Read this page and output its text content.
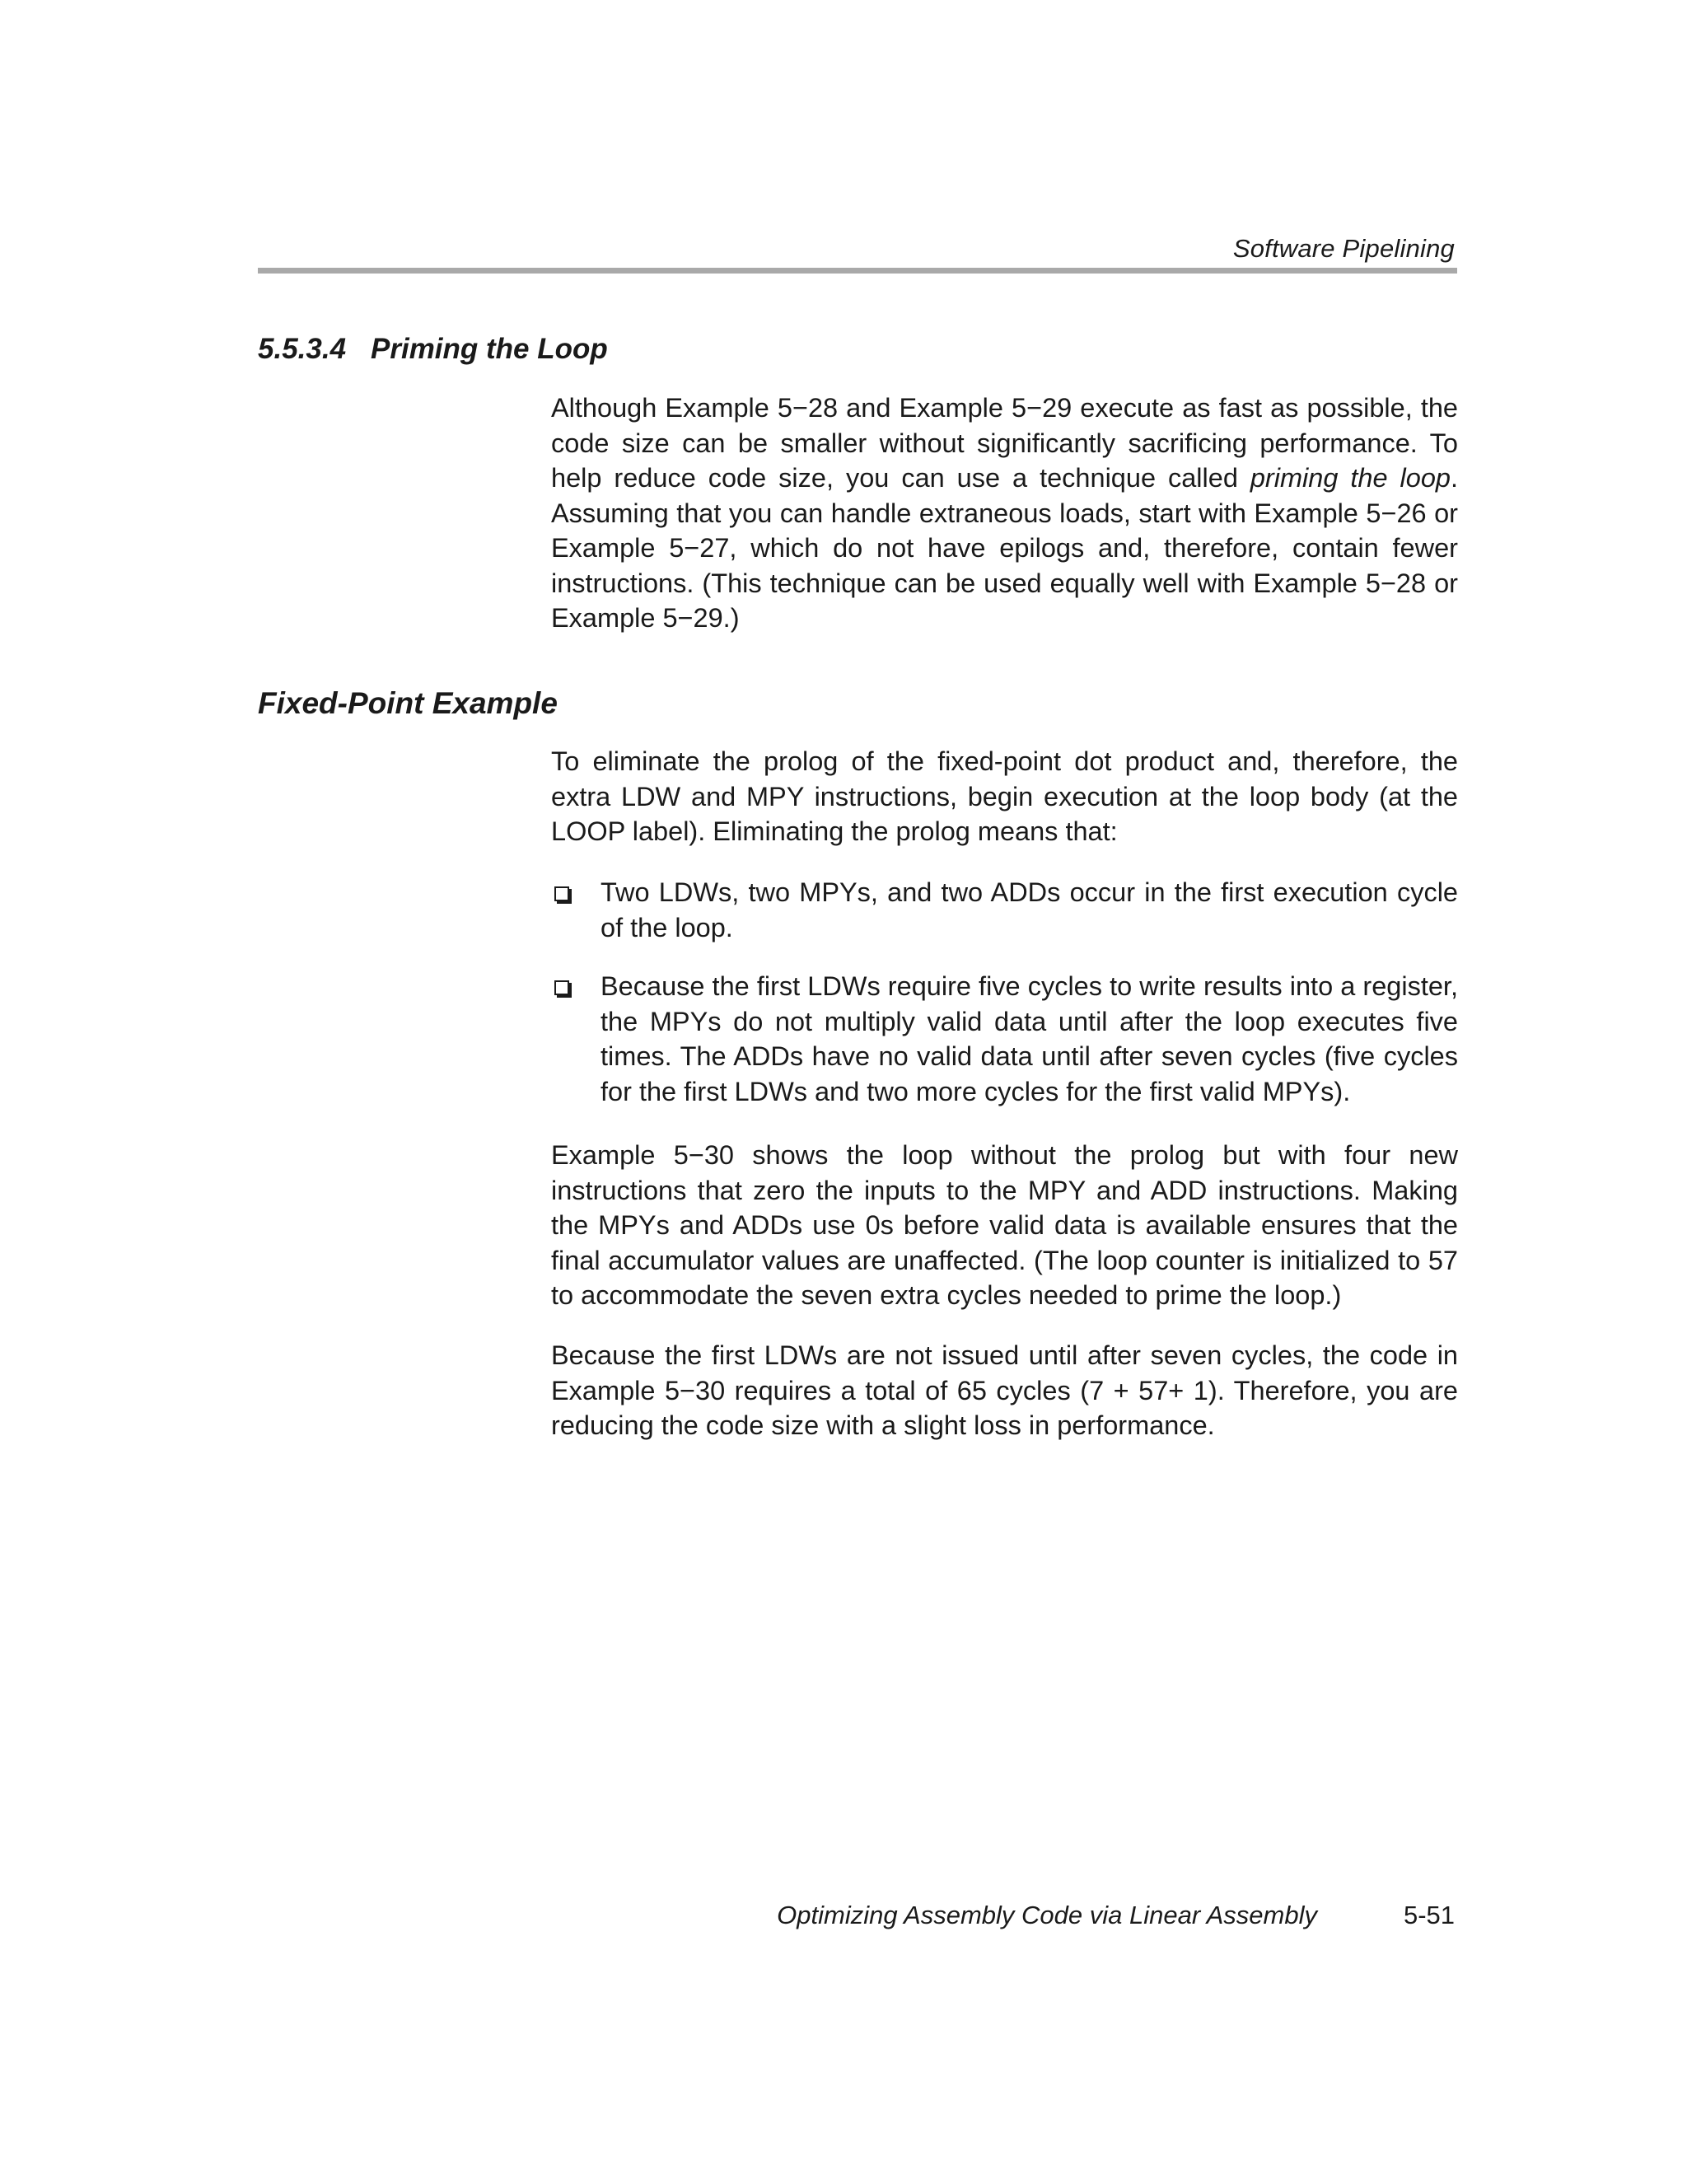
Software Pipelining
5.5.3.4 Priming the Loop

Although Example 5−28 and Example 5−29 execute as fast as possible, the code size can be smaller without significantly sacrificing performance. To help reduce code size, you can use a technique called priming the loop. Assuming that you can handle extraneous loads, start with Example 5−26 or Example 5−27, which do not have epilogs and, therefore, contain fewer instructions. (This technique can be used equally well with Example 5−28 or Example 5−29.)

Fixed-Point Example

To eliminate the prolog of the fixed-point dot product and, therefore, the extra LDW and MPY instructions, begin execution at the loop body (at the LOOP label). Eliminating the prolog means that:

Two LDWs, two MPYs, and two ADDs occur in the first execution cycle of the loop.
Because the first LDWs require five cycles to write results into a register, the MPYs do not multiply valid data until after the loop executes five times. The ADDs have no valid data until after seven cycles (five cycles for the first LDWs and two more cycles for the first valid MPYs).

Example 5−30 shows the loop without the prolog but with four new instructions that zero the inputs to the MPY and ADD instructions. Making the MPYs and ADDs use 0s before valid data is available ensures that the final accumulator values are unaffected. (The loop counter is initialized to 57 to accommodate the seven extra cycles needed to prime the loop.)

Because the first LDWs are not issued until after seven cycles, the code in Example 5−30 requires a total of 65 cycles (7 + 57+ 1). Therefore, you are reducing the code size with a slight loss in performance.

Optimizing Assembly Code via Linear Assembly	5-51
